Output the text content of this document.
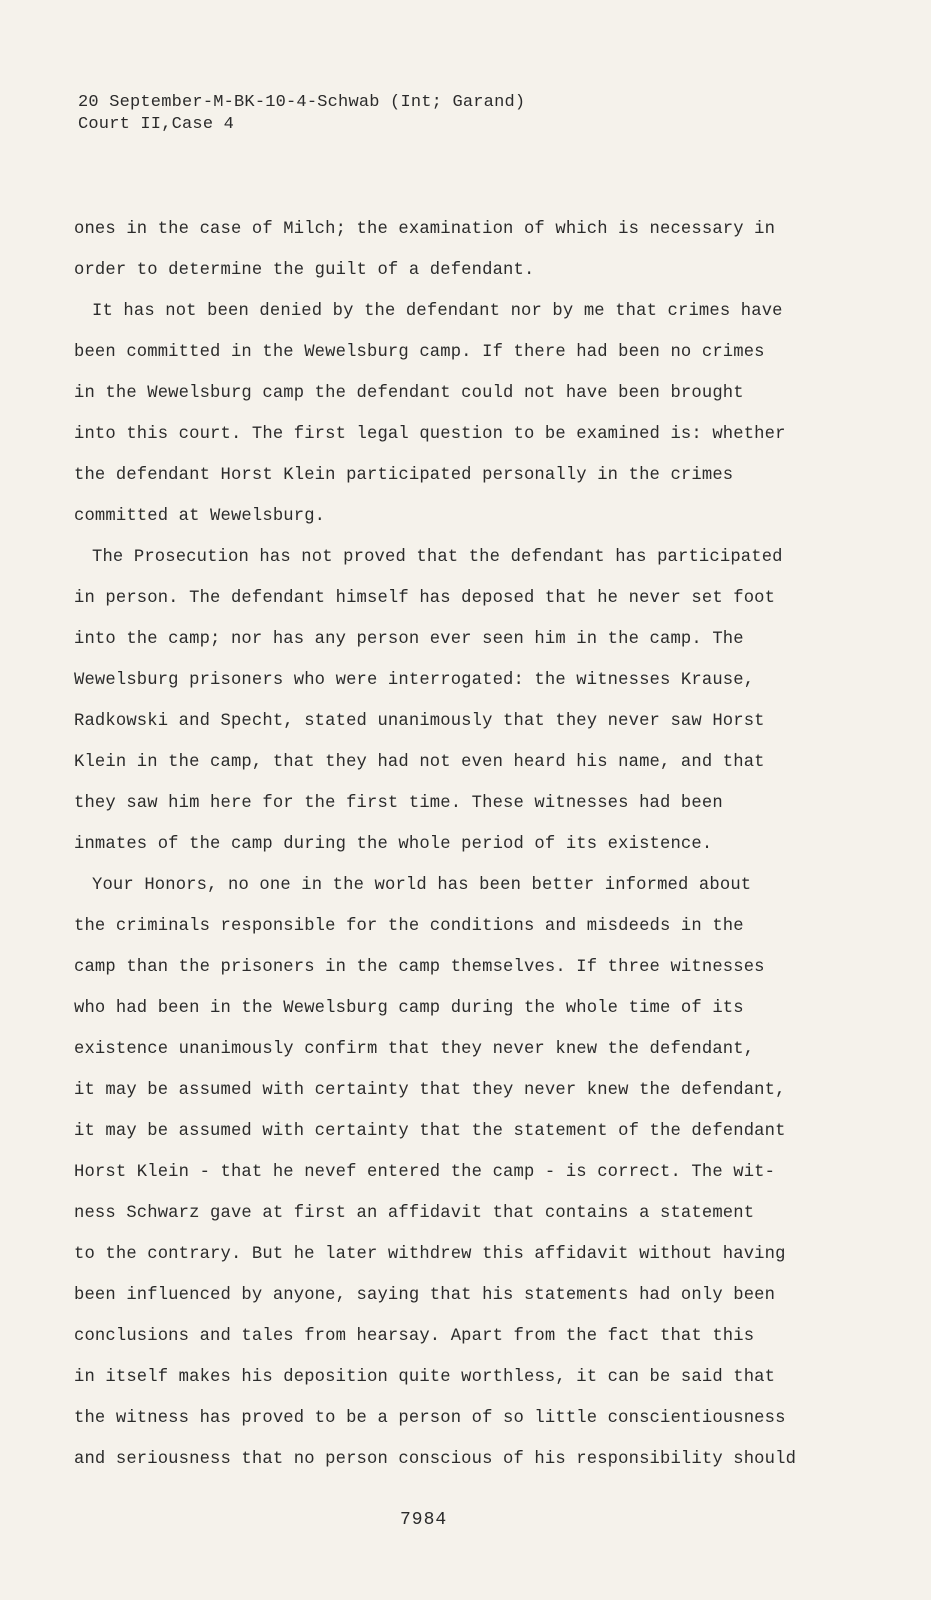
20 September-M-BK-10-4-Schwab (Int; Garand)
Court II,Case 4
ones in the case of Milch; the examination of which is necessary in
order to determine the guilt of a defendant.
It has not been denied by the defendant nor by me that crimes have
been committed in the Wewelsburg camp. If there had been no crimes
in the Wewelsburg camp the defendant could not have been brought
into this court. The first legal question to be examined is: whether
the defendant Horst Klein participated personally in the crimes
committed at Wewelsburg.
The Prosecution has not proved that the defendant has participated
in person. The defendant himself has deposed that he never set foot
into the camp; nor has any person ever seen him in the camp. The
Wewelsburg prisoners who were interrogated: the witnesses Krause,
Radkowski and Specht, stated unanimously that they never saw Horst
Klein in the camp, that they had not even heard his name, and that
they saw him here for the first time. These witnesses had been
inmates of the camp during the whole period of its existence.
Your Honors, no one in the world has been better informed about
the criminals responsible for the conditions and misdeeds in the
camp than the prisoners in the camp themselves. If three witnesses
who had been in the Wewelsburg camp during the whole time of its
existence unanimously confirm that they never knew the defendant,
it may be assumed with certainty that they never knew the defendant,
it may be assumed with certainty that the statement of the defendant
Horst Klein - that he nevef entered the camp - is correct. The wit-
ness Schwarz gave at first an affidavit that contains a statement
to the contrary. But he later withdrew this affidavit without having
been influenced by anyone, saying that his statements had only been
conclusions and tales from hearsay. Apart from the fact that this
in itself makes his deposition quite worthless, it can be said that
the witness has proved to be a person of so little conscientiousness
and seriousness that no person conscious of his responsibility should
7984
